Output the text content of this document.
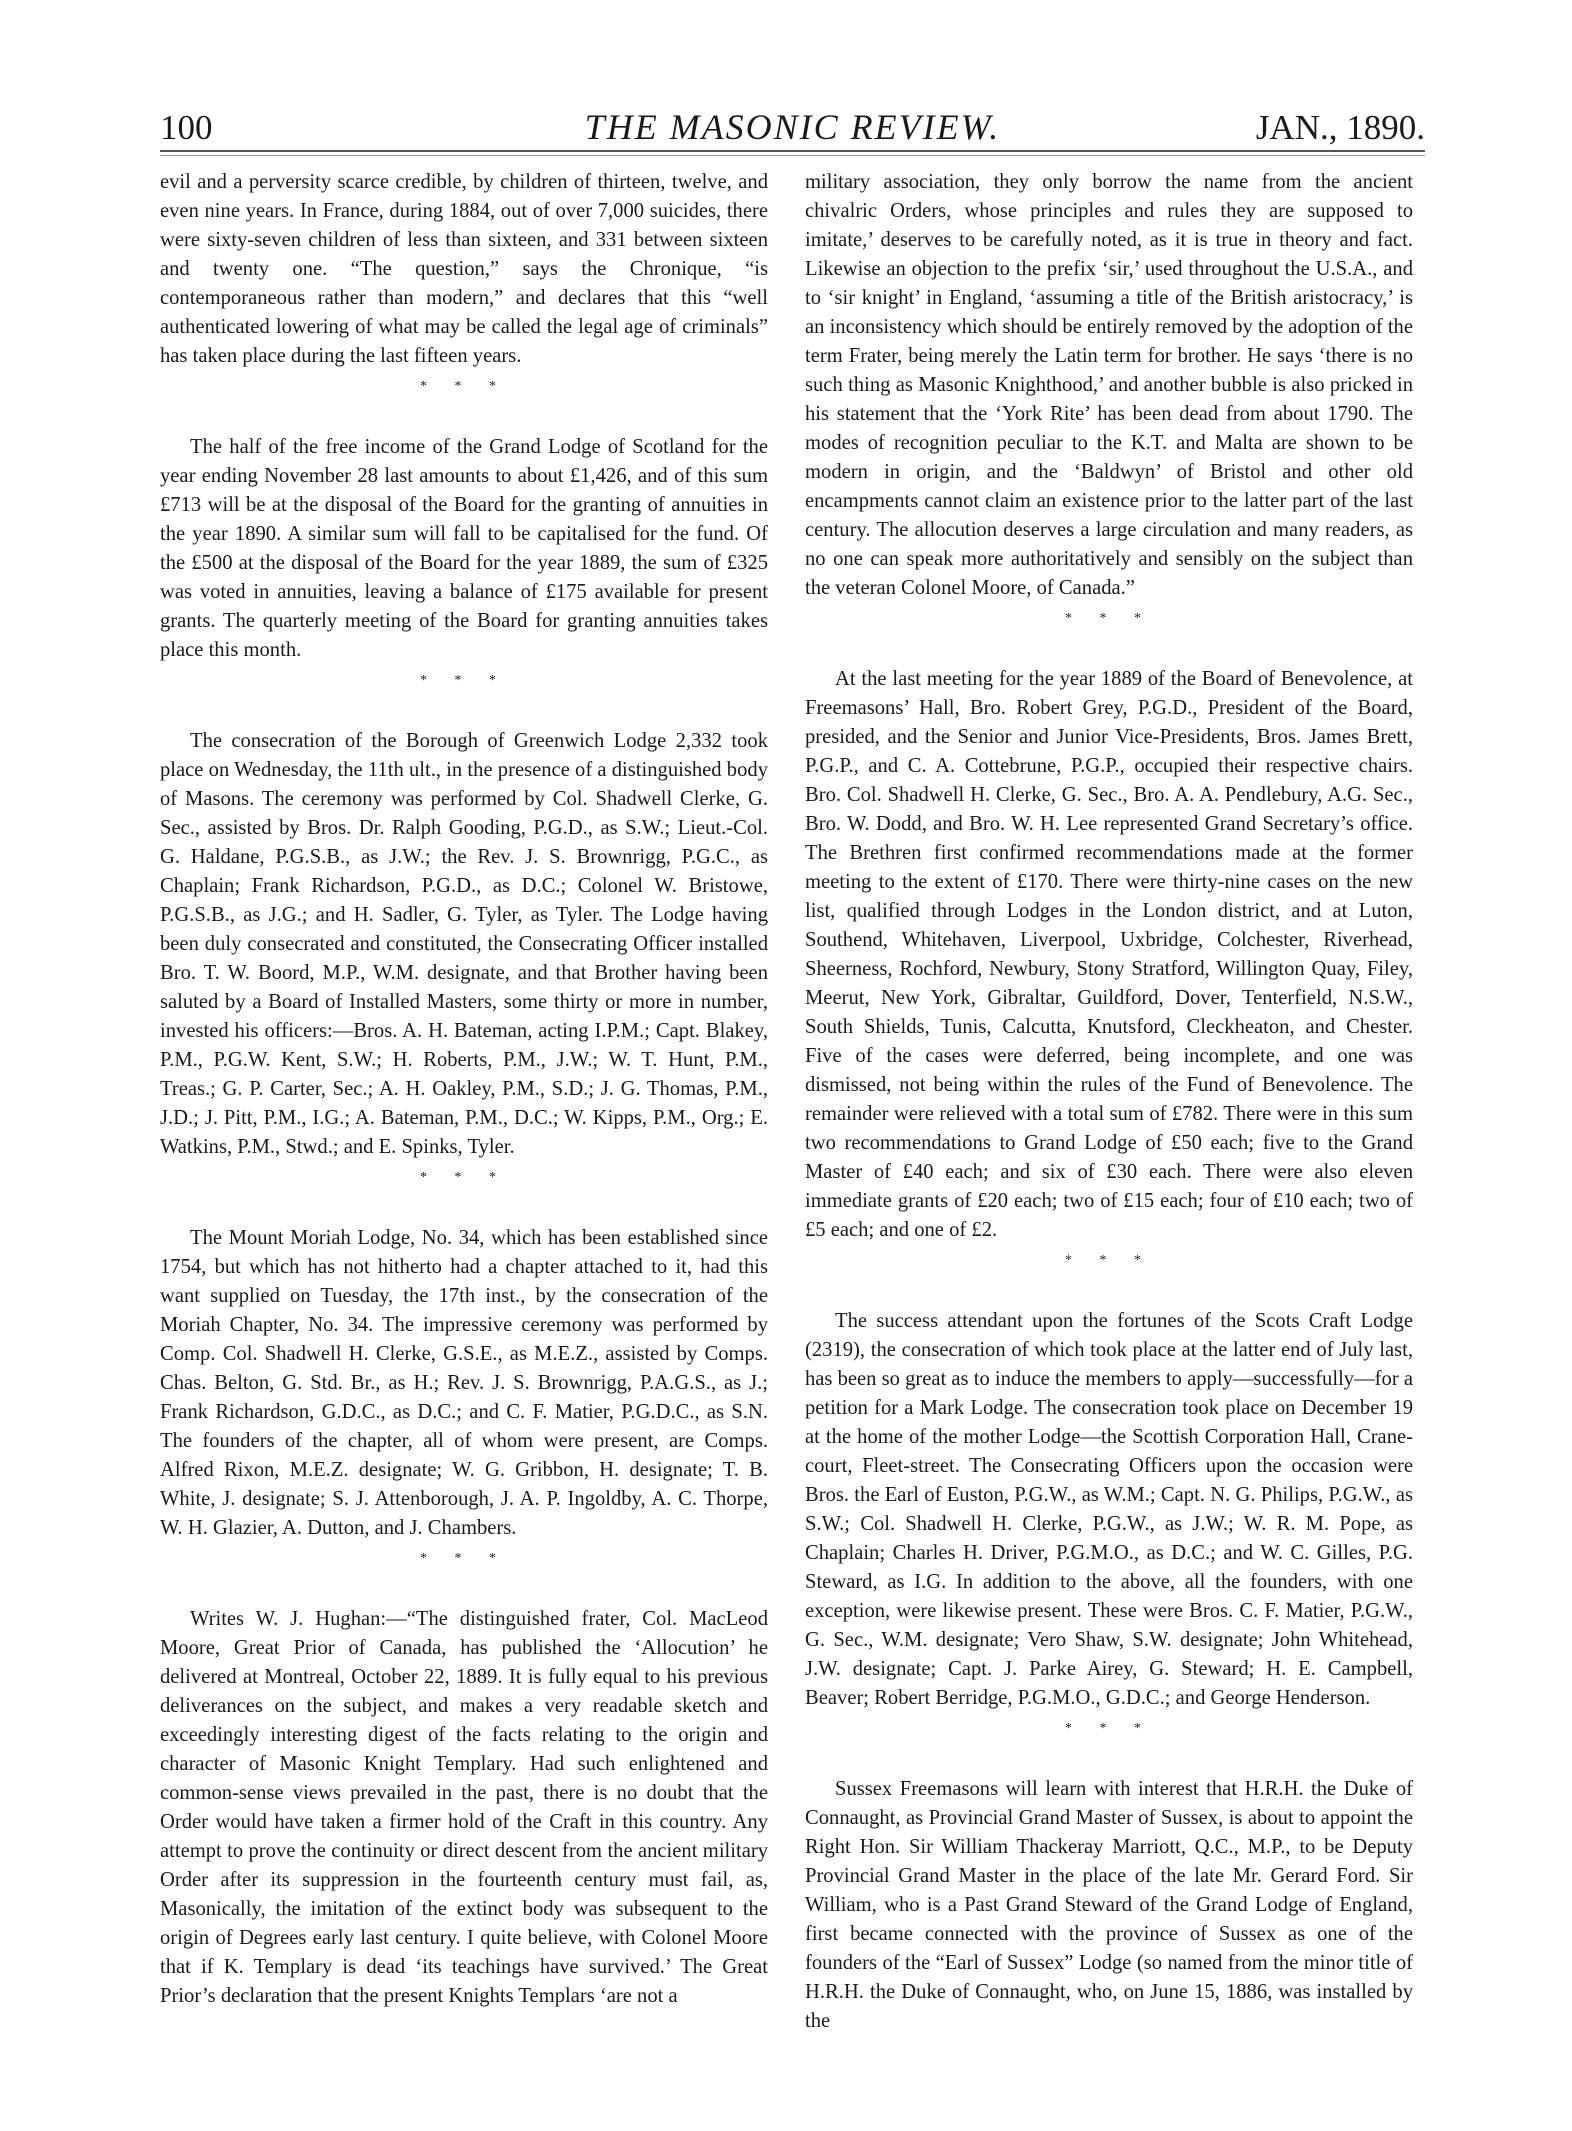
100	THE MASONIC REVIEW.	JAN., 1890.

evil and a perversity scarce credible, by children of thirteen, twelve, and even nine years. In France, during 1884, out of over 7,000 suicides, there were sixty-seven children of less than sixteen, and 331 between sixteen and twenty one. “The question,” says the Chronique, “is contemporaneous rather than modern,” and declares that this “well authenticated lowering of what may be called the legal age of criminals” has taken place during the last fifteen years.

* * *

The half of the free income of the Grand Lodge of Scotland for the year ending November 28 last amounts to about £1,426, and of this sum £713 will be at the disposal of the Board for the granting of annuities in the year 1890. A similar sum will fall to be capitalised for the fund. Of the £500 at the disposal of the Board for the year 1889, the sum of £325 was voted in annuities, leaving a balance of £175 available for present grants. The quarterly meeting of the Board for granting annuities takes place this month.

* * *

The consecration of the Borough of Greenwich Lodge 2,332 took place on Wednesday, the 11th ult., in the presence of a distinguished body of Masons. The ceremony was performed by Col. Shadwell Clerke, G. Sec., assisted by Bros. Dr. Ralph Gooding, P.G.D., as S.W.; Lieut.-Col. G. Haldane, P.G.S.B., as J.W.; the Rev. J. S. Brownrigg, P.G.C., as Chaplain; Frank Richardson, P.G.D., as D.C.; Colonel W. Bristowe, P.G.S.B., as J.G.; and H. Sadler, G. Tyler, as Tyler. The Lodge having been duly consecrated and constituted, the Consecrating Officer installed Bro. T. W. Boord, M.P., W.M. designate, and that Brother having been saluted by a Board of Installed Masters, some thirty or more in number, invested his officers:—Bros. A. H. Bateman, acting I.P.M.; Capt. Blakey, P.M., P.G.W. Kent, S.W.; H. Roberts, P.M., J.W.; W. T. Hunt, P.M., Treas.; G. P. Carter, Sec.; A. H. Oakley, P.M., S.D.; J. G. Thomas, P.M., J.D.; J. Pitt, P.M., I.G.; A. Bateman, P.M., D.C.; W. Kipps, P.M., Org.; E. Watkins, P.M., Stwd.; and E. Spinks, Tyler.

* * *

The Mount Moriah Lodge, No. 34, which has been established since 1754, but which has not hitherto had a chapter attached to it, had this want supplied on Tuesday, the 17th inst., by the consecration of the Moriah Chapter, No. 34. The impressive ceremony was performed by Comp. Col. Shadwell H. Clerke, G.S.E., as M.E.Z., assisted by Comps. Chas. Belton, G. Std. Br., as H.; Rev. J. S. Brownrigg, P.A.G.S., as J.; Frank Richardson, G.D.C., as D.C.; and C. F. Matier, P.G.D.C., as S.N. The founders of the chapter, all of whom were present, are Comps. Alfred Rixon, M.E.Z. designate; W. G. Gribbon, H. designate; T. B. White, J. designate; S. J. Attenborough, J. A. P. Ingoldby, A. C. Thorpe, W. H. Glazier, A. Dutton, and J. Chambers.

* * *

Writes W. J. Hughan:—“The distinguished frater, Col. MacLeod Moore, Great Prior of Canada, has published the ‘Allocution’ he delivered at Montreal, October 22, 1889. It is fully equal to his previous deliverances on the subject, and makes a very readable sketch and exceedingly interesting digest of the facts relating to the origin and character of Masonic Knight Templary. Had such enlightened and common-sense views prevailed in the past, there is no doubt that the Order would have taken a firmer hold of the Craft in this country. Any attempt to prove the continuity or direct descent from the ancient military Order after its suppression in the fourteenth century must fail, as, Masonically, the imitation of the extinct body was subsequent to the origin of Degrees early last century. I quite believe, with Colonel Moore that if K. Templary is dead ‘its teachings have survived.’ The Great Prior’s declaration that the present Knights Templars ‘are not a

military association, they only borrow the name from the ancient chivalric Orders, whose principles and rules they are supposed to imitate,’ deserves to be carefully noted, as it is true in theory and fact. Likewise an objection to the prefix ‘sir,’ used throughout the U.S.A., and to ‘sir knight’ in England, ‘assuming a title of the British aristocracy,’ is an inconsistency which should be entirely removed by the adoption of the term Frater, being merely the Latin term for brother. He says ‘there is no such thing as Masonic Knighthood,’ and another bubble is also pricked in his statement that the ‘York Rite’ has been dead from about 1790. The modes of recognition peculiar to the K.T. and Malta are shown to be modern in origin, and the ‘Baldwyn’ of Bristol and other old encampments cannot claim an existence prior to the latter part of the last century. The allocution deserves a large circulation and many readers, as no one can speak more authoritatively and sensibly on the subject than the veteran Colonel Moore, of Canada.”

* * *

At the last meeting for the year 1889 of the Board of Benevolence, at Freemasons’ Hall, Bro. Robert Grey, P.G.D., President of the Board, presided, and the Senior and Junior Vice-Presidents, Bros. James Brett, P.G.P., and C. A. Cottebrune, P.G.P., occupied their respective chairs. Bro. Col. Shadwell H. Clerke, G. Sec., Bro. A. A. Pendlebury, A.G. Sec., Bro. W. Dodd, and Bro. W. H. Lee represented Grand Secretary’s office. The Brethren first confirmed recommendations made at the former meeting to the extent of £170. There were thirty-nine cases on the new list, qualified through Lodges in the London district, and at Luton, Southend, Whitehaven, Liverpool, Uxbridge, Colchester, Riverhead, Sheerness, Rochford, Newbury, Stony Stratford, Willington Quay, Filey, Meerut, New York, Gibraltar, Guildford, Dover, Tenterfield, N.S.W., South Shields, Tunis, Calcutta, Knutsford, Cleckheaton, and Chester. Five of the cases were deferred, being incomplete, and one was dismissed, not being within the rules of the Fund of Benevolence. The remainder were relieved with a total sum of £782. There were in this sum two recommendations to Grand Lodge of £50 each; five to the Grand Master of £40 each; and six of £30 each. There were also eleven immediate grants of £20 each; two of £15 each; four of £10 each; two of £5 each; and one of £2.

* * *

The success attendant upon the fortunes of the Scots Craft Lodge (2319), the consecration of which took place at the latter end of July last, has been so great as to induce the members to apply—successfully—for a petition for a Mark Lodge. The consecration took place on December 19 at the home of the mother Lodge—the Scottish Corporation Hall, Crane-court, Fleet-street. The Consecrating Officers upon the occasion were Bros. the Earl of Euston, P.G.W., as W.M.; Capt. N. G. Philips, P.G.W., as S.W.; Col. Shadwell H. Clerke, P.G.W., as J.W.; W. R. M. Pope, as Chaplain; Charles H. Driver, P.G.M.O., as D.C.; and W. C. Gilles, P.G. Steward, as I.G. In addition to the above, all the founders, with one exception, were likewise present. These were Bros. C. F. Matier, P.G.W., G. Sec., W.M. designate; Vero Shaw, S.W. designate; John Whitehead, J.W. designate; Capt. J. Parke Airey, G. Steward; H. E. Campbell, Beaver; Robert Berridge, P.G.M.O., G.D.C.; and George Henderson.

* * *

Sussex Freemasons will learn with interest that H.R.H. the Duke of Connaught, as Provincial Grand Master of Sussex, is about to appoint the Right Hon. Sir William Thackeray Marriott, Q.C., M.P., to be Deputy Provincial Grand Master in the place of the late Mr. Gerard Ford. Sir William, who is a Past Grand Steward of the Grand Lodge of England, first became connected with the province of Sussex as one of the founders of the “Earl of Sussex” Lodge (so named from the minor title of H.R.H. the Duke of Connaught, who, on June 15, 1886, was installed by the
